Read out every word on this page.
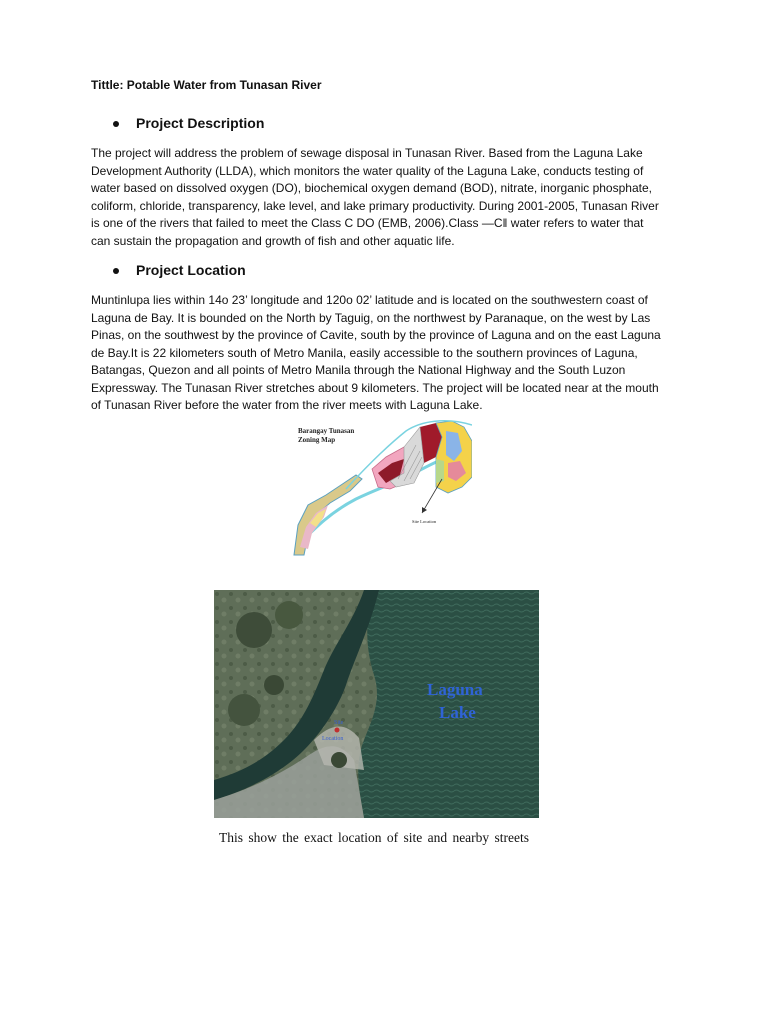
Tittle: Potable Water from Tunasan River
Project Description
The project will address the problem of sewage disposal in Tunasan River. Based from the Laguna Lake
Development Authority (LLDA), which monitors the water quality of the Laguna Lake, conducts testing of
water based on dissolved oxygen (DO), biochemical oxygen demand (BOD), nitrate, inorganic phosphate,
coliform, chloride, transparency, lake level, and lake primary productivity. During 2001-2005, Tunasan River
is one of the rivers that failed to meet the Class C DO (EMB, 2006).Class —C‖ water refers to water that
can sustain the propagation and growth of fish and other aquatic life.
Project Location
Muntinlupa lies within 14o 23’ longitude and 120o 02’ latitude and is located on the southwestern coast of
Laguna de Bay. It is bounded on the North by Taguig, on the northwest by Paranaque, on the west by Las
Pinas, on the southwest by the province of Cavite, south by the province of Laguna and on the east Laguna
de Bay.It is 22 kilometers south of Metro Manila, easily accessible to the southern provinces of Laguna,
Batangas, Quezon and all points of Metro Manila through the National Highway and the South Luzon
Expressway. The Tunasan River stretches about 9 kilometers. The project will be located near at the mouth
of Tunasan River before the water from the river meets with Laguna Lake.
Barangay Tunasan
Zoning Map
Site Location
Site
Location
Laguna
Lake
This show the exact location of site and nearby streets
